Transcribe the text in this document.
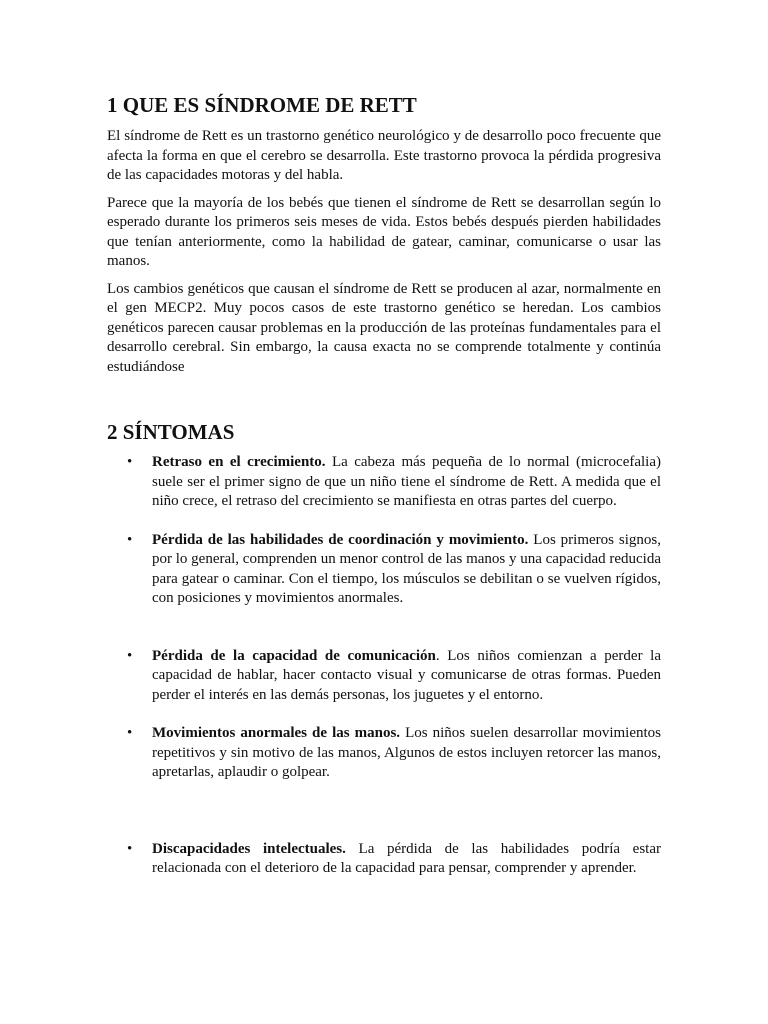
1 QUE ES SÍNDROME DE RETT

El síndrome de Rett es un trastorno genético neurológico y de desarrollo poco frecuente que afecta la forma en que el cerebro se desarrolla. Este trastorno provoca la pérdida progresiva de las capacidades motoras y del habla.

Parece que la mayoría de los bebés que tienen el síndrome de Rett se desarrollan según lo esperado durante los primeros seis meses de vida. Estos bebés después pierden habilidades que tenían anteriormente, como la habilidad de gatear, caminar, comunicarse o usar las manos.

Los cambios genéticos que causan el síndrome de Rett se producen al azar, normalmente en el gen MECP2. Muy pocos casos de este trastorno genético se heredan. Los cambios genéticos parecen causar problemas en la producción de las proteínas fundamentales para el desarrollo cerebral. Sin embargo, la causa exacta no se comprende totalmente y continúa estudiándose

2 SÍNTOMAS
• Retraso en el crecimiento. La cabeza más pequeña de lo normal (microcefalia) suele ser el primer signo de que un niño tiene el síndrome de Rett. A medida que el niño crece, el retraso del crecimiento se manifiesta en otras partes del cuerpo.
• Pérdida de las habilidades de coordinación y movimiento. Los primeros signos, por lo general, comprenden un menor control de las manos y una capacidad reducida para gatear o caminar. Con el tiempo, los músculos se debilitan o se vuelven rígidos, con posiciones y movimientos anormales.
• Pérdida de la capacidad de comunicación. Los niños comienzan a perder la capacidad de hablar, hacer contacto visual y comunicarse de otras formas. Pueden perder el interés en las demás personas, los juguetes y el entorno.
• Movimientos anormales de las manos. Los niños suelen desarrollar movimientos repetitivos y sin motivo de las manos, Algunos de estos incluyen retorcer las manos, apretarlas, aplaudir o golpear.
• Discapacidades intelectuales. La pérdida de las habilidades podría estar relacionada con el deterioro de la capacidad para pensar, comprender y aprender.
